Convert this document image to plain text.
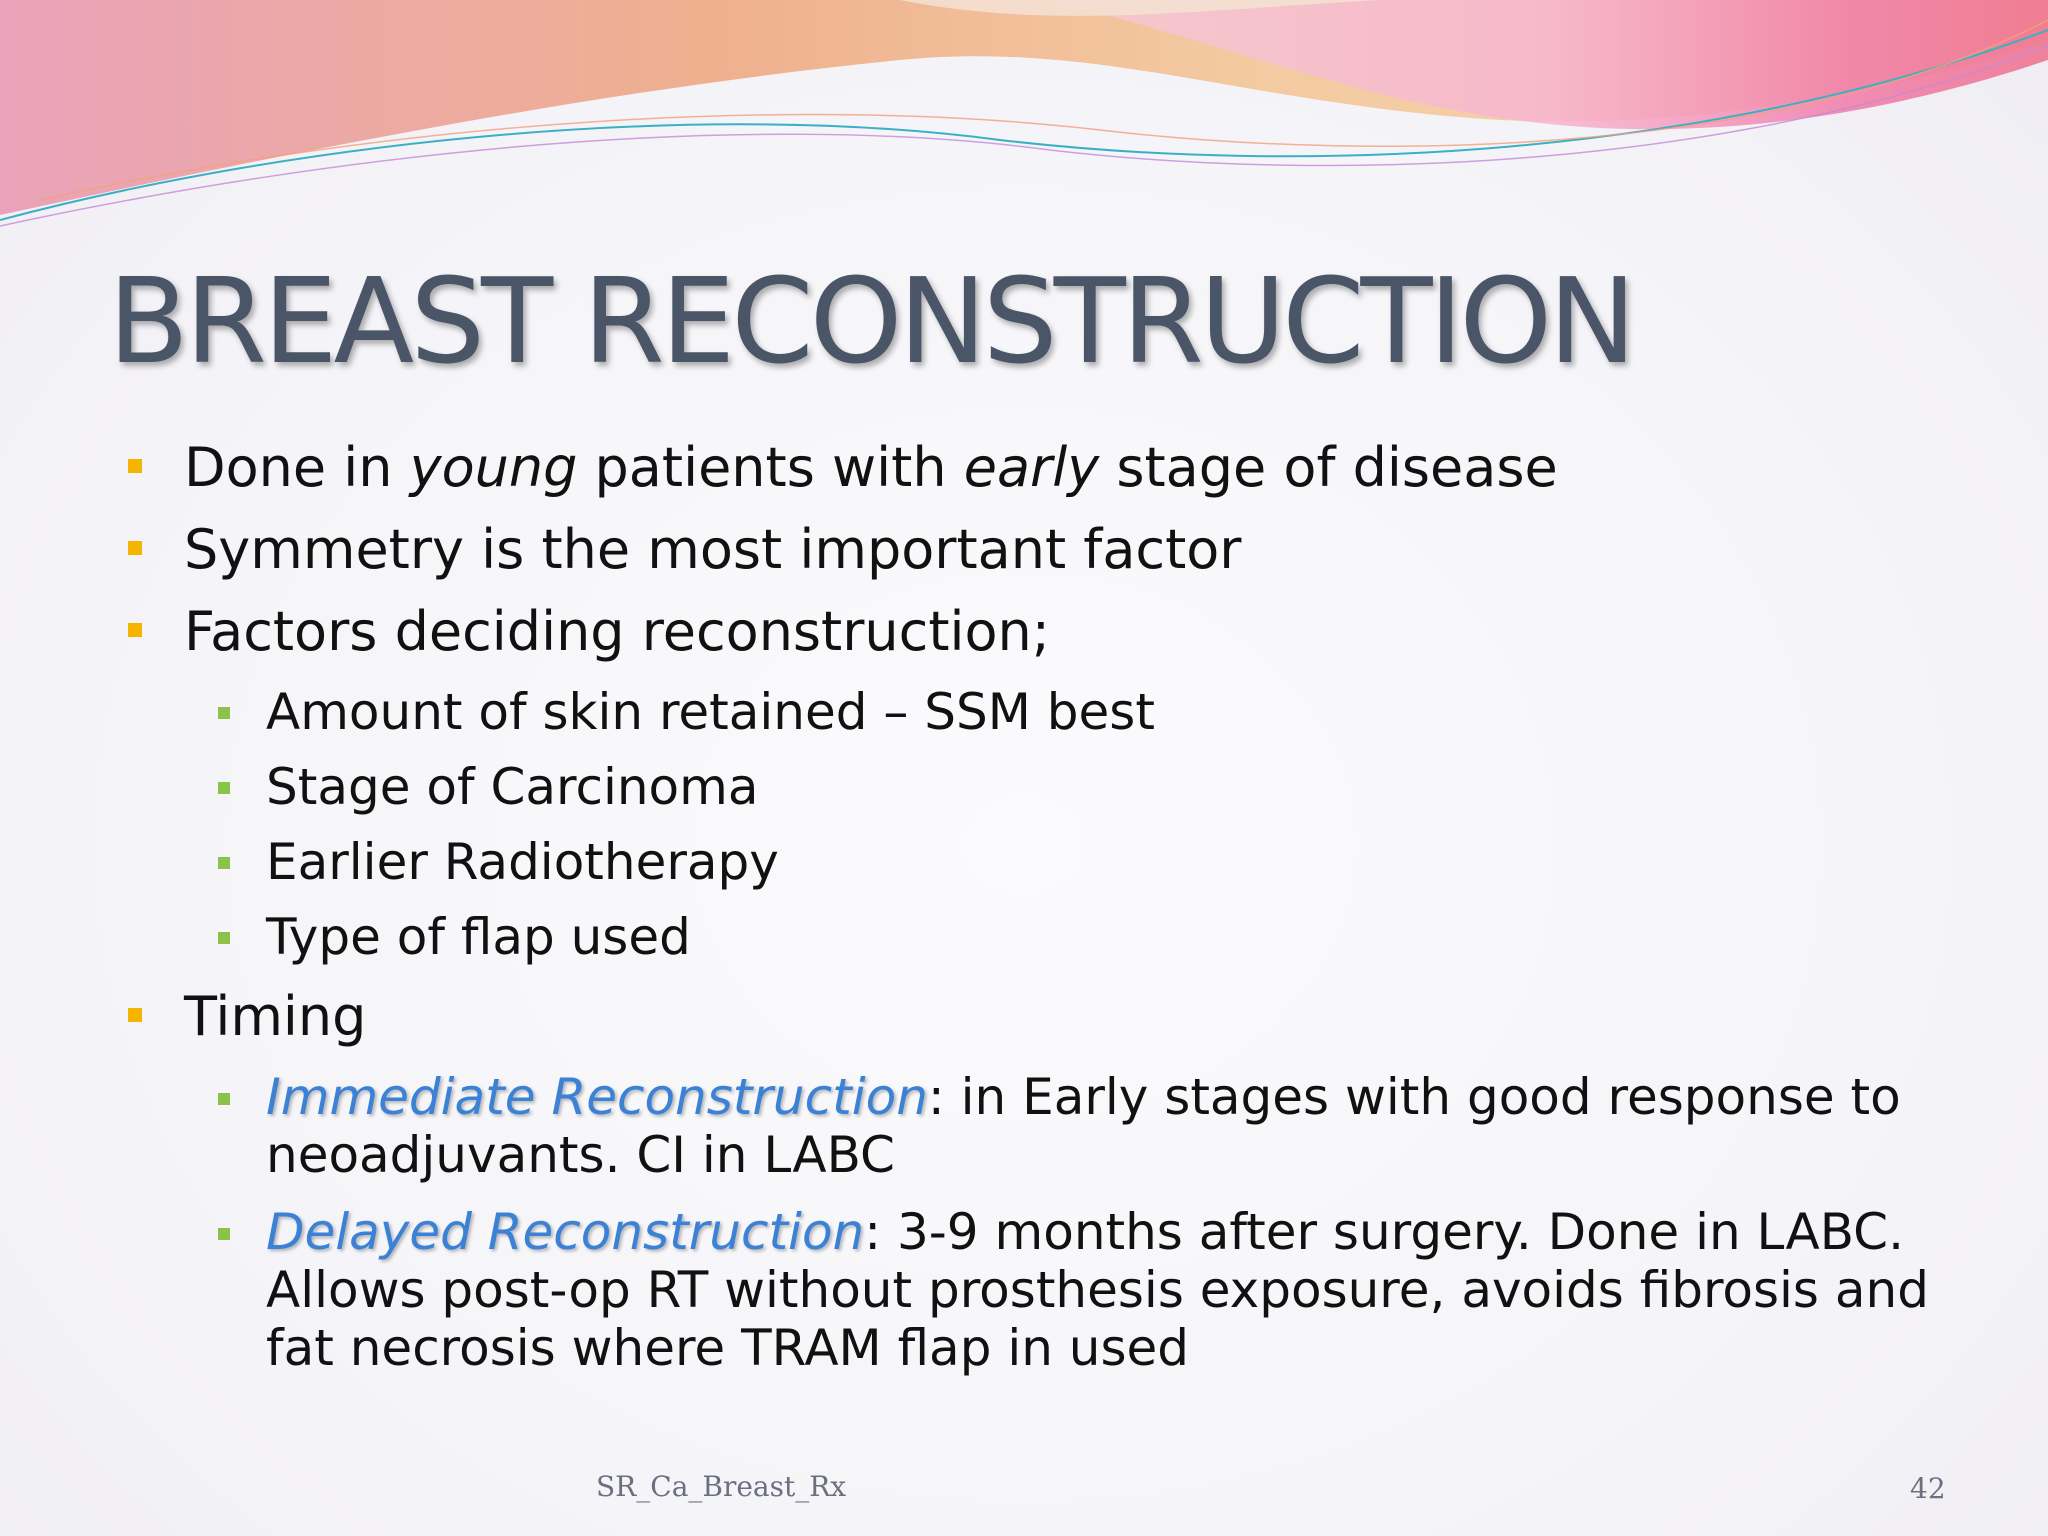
BREAST RECONSTRUCTION
Done in young patients with early stage of disease
Symmetry is the most important factor
Factors deciding reconstruction;
Amount of skin retained – SSM best
Stage of Carcinoma
Earlier Radiotherapy
Type of flap used
Timing
Immediate Reconstruction: in Early stages with good response to
neoadjuvants. CI in LABC
Delayed Reconstruction: 3-9 months after surgery. Done in LABC.
Allows post-op RT without prosthesis exposure, avoids fibrosis and
fat necrosis where TRAM flap in used
SR_Ca_Breast_Rx	42
